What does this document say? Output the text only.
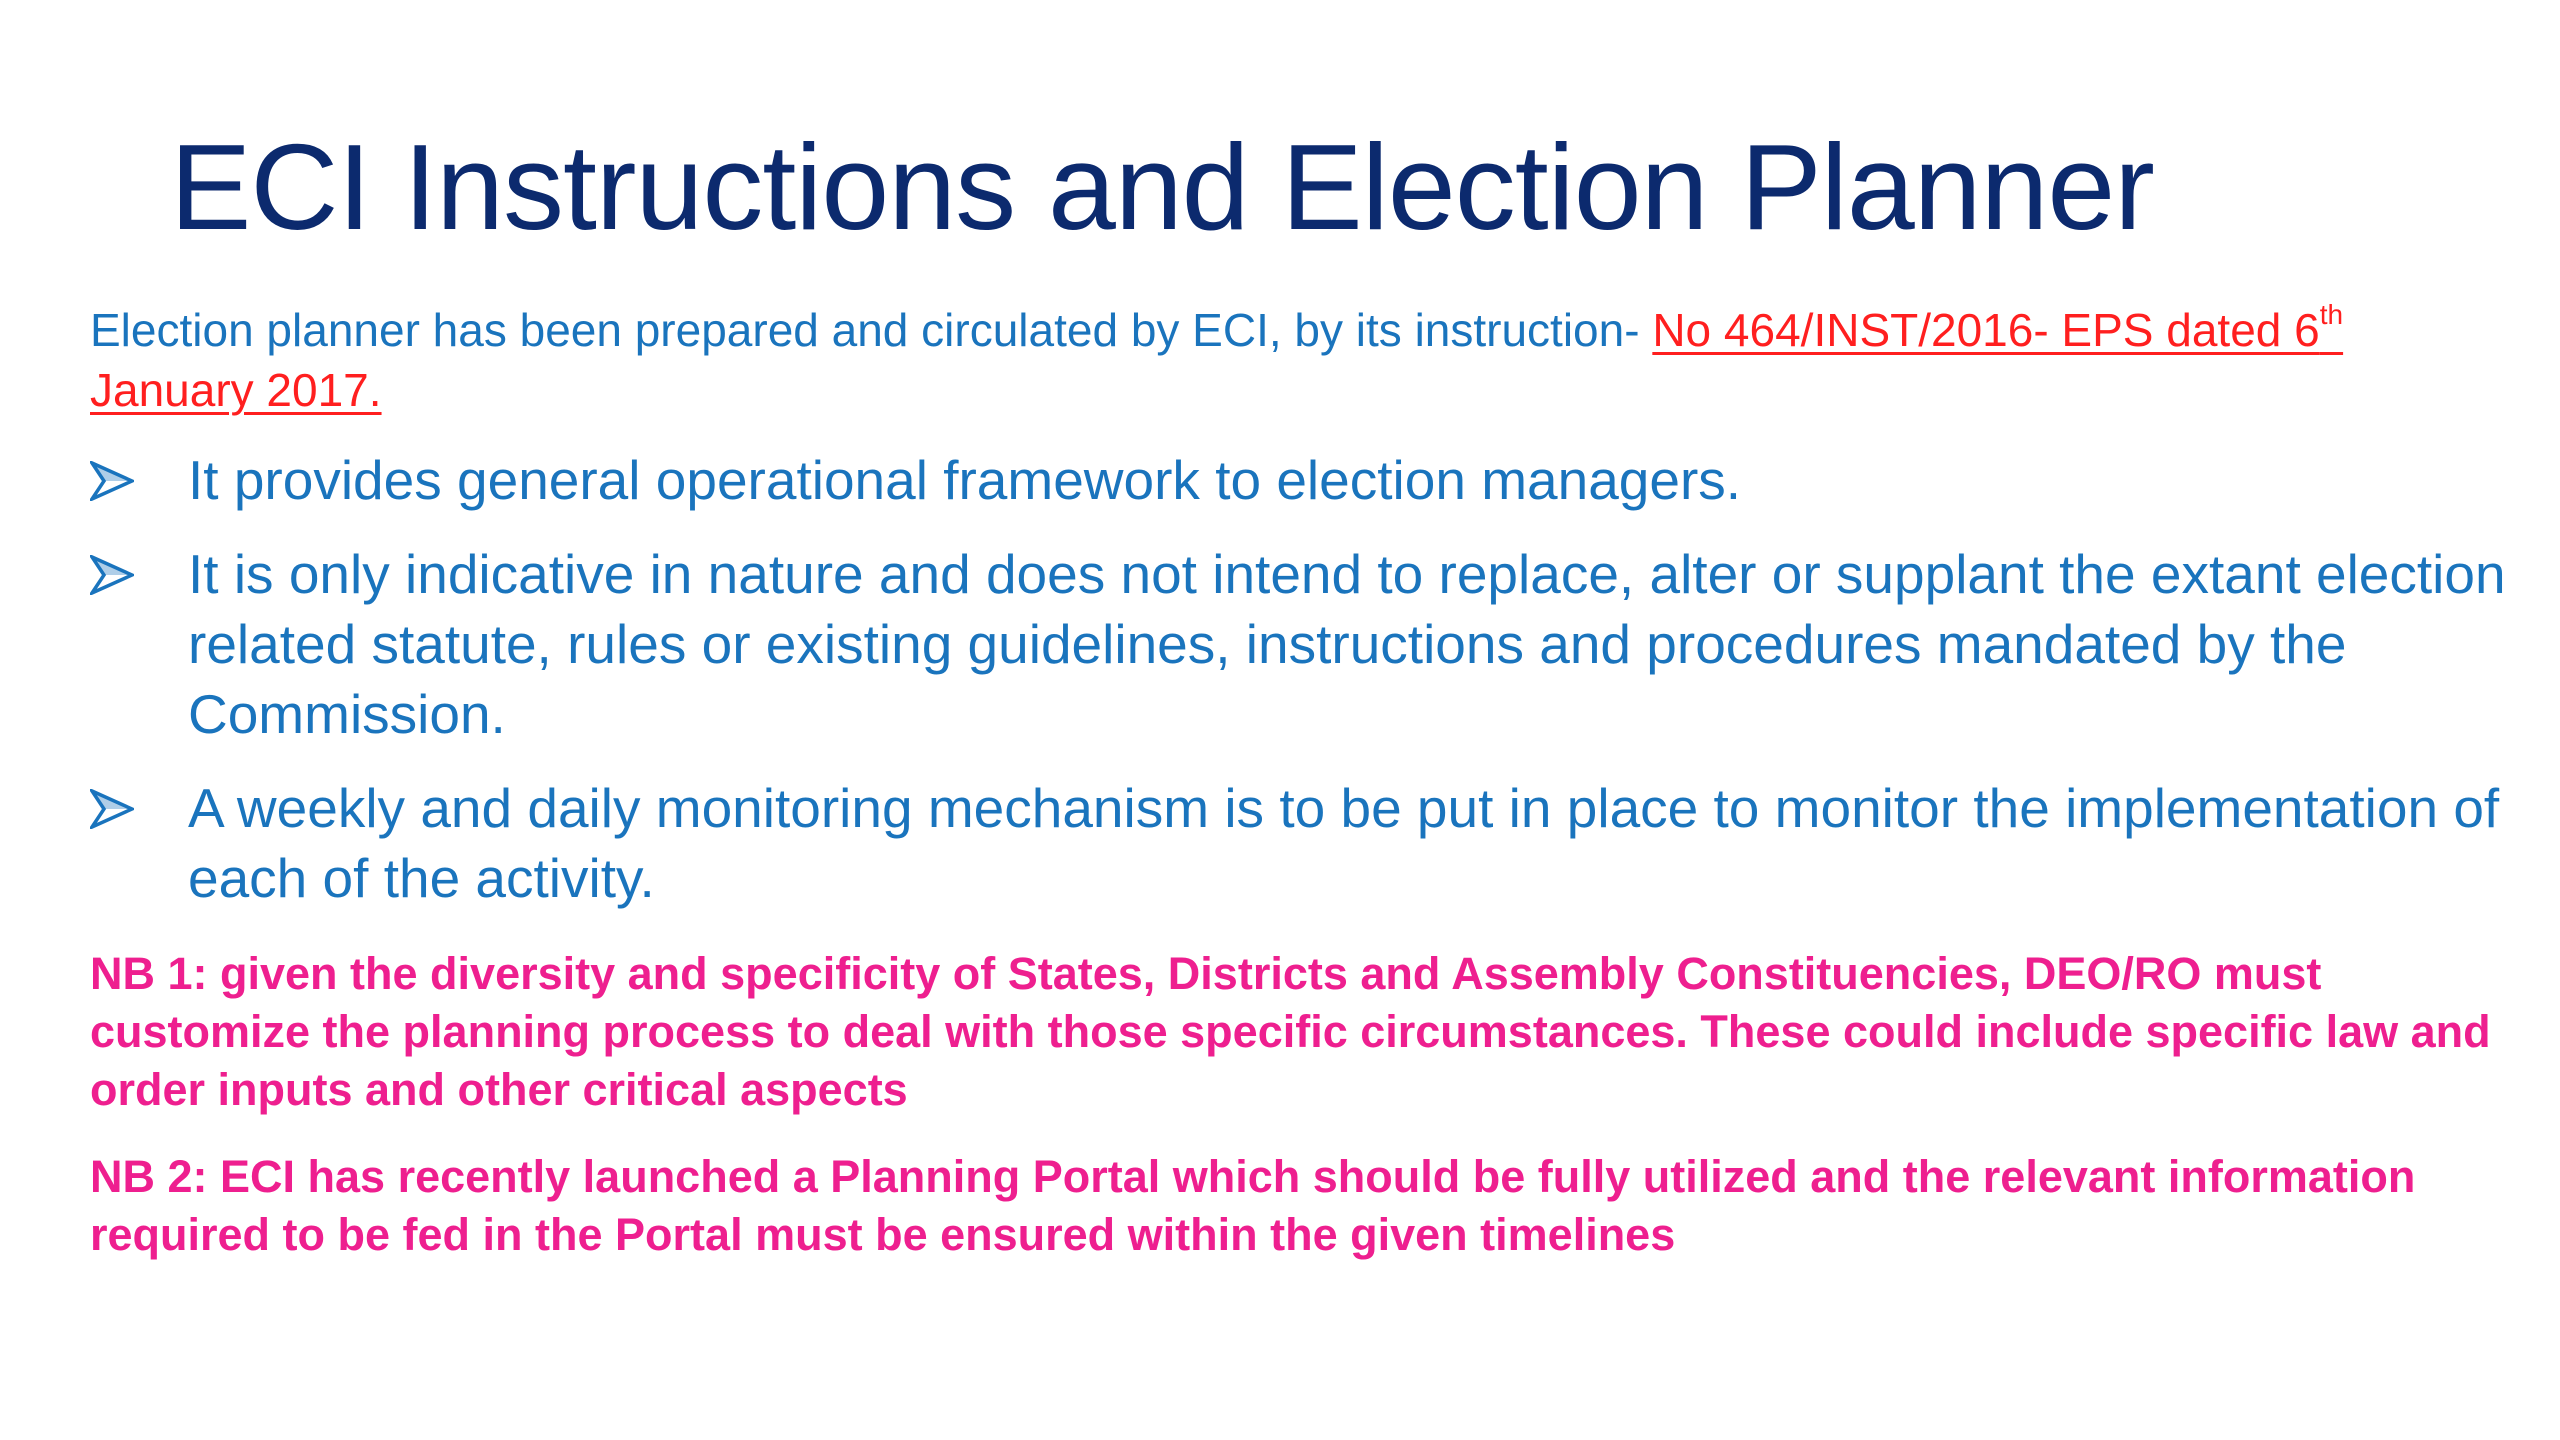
ECI Instructions and Election Planner

Election planner has been prepared and circulated by ECI, by its instruction- No 464/INST/2016- EPS dated 6th January 2017.

It provides general operational framework to election managers.
It is only indicative in nature and does not intend to replace, alter or supplant the extant election related statute, rules or existing guidelines, instructions and procedures mandated by the Commission.
A weekly and daily monitoring mechanism is to be put in place to monitor the implementation of each of the activity.

NB 1: given the diversity and specificity of States, Districts and Assembly Constituencies, DEO/RO must customize the planning process to deal with those specific circumstances. These could include specific law and order inputs and other critical aspects

NB 2: ECI has recently launched a Planning Portal which should be fully utilized and the relevant information required to be fed in the Portal must be ensured within the given timelines
